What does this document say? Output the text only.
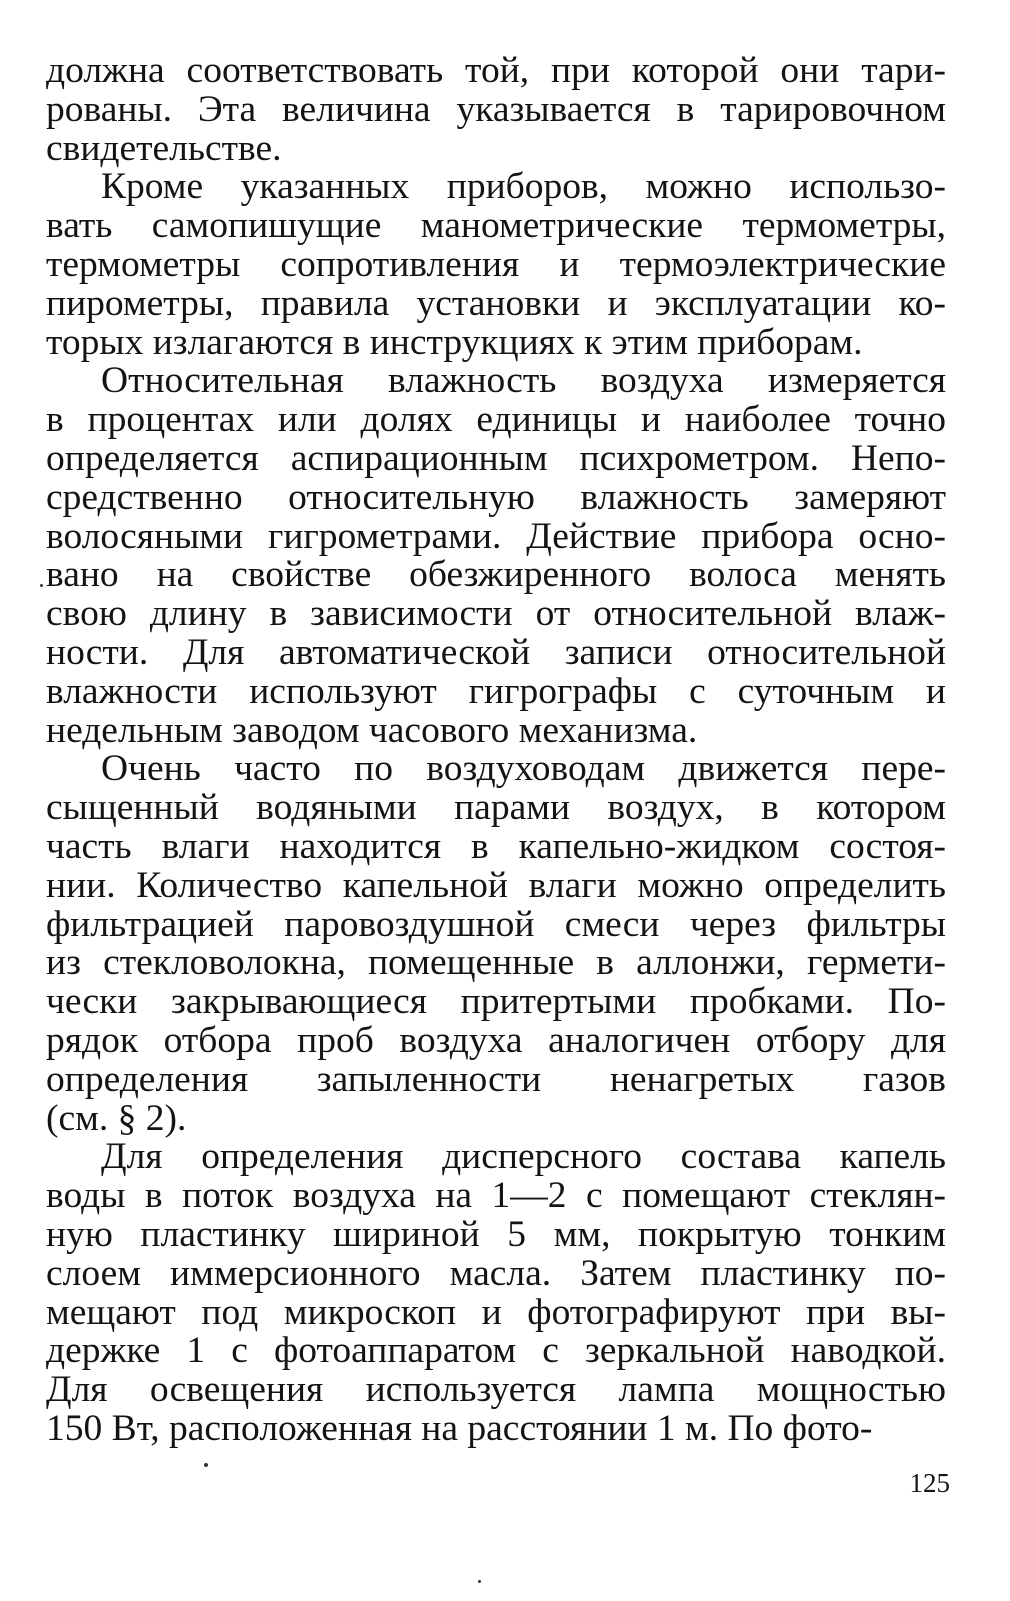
должна соответствовать той, при которой они тари-
рованы. Эта величина указывается в тарировочном
свидетельстве.
Кроме указанных приборов, можно использо-
вать самопишущие манометрические термометры,
термометры сопротивления и термоэлектрические
пирометры, правила установки и эксплуатации ко-
торых излагаются в инструкциях к этим приборам.
Относительная влажность воздуха измеряется
в процентах или долях единицы и наиболее точно
определяется аспирационным психрометром. Непо-
средственно относительную влажность замеряют
волосяными гигрометрами. Действие прибора осно-
вано на свойстве обезжиренного волоса менять
свою длину в зависимости от относительной влаж-
ности. Для автоматической записи относительной
влажности используют гигрографы с суточным и
недельным заводом часового механизма.
Очень часто по воздуховодам движется пере-
сыщенный водяными парами воздух, в котором
часть влаги находится в капельно-жидком состоя-
нии. Количество капельной влаги можно определить
фильтрацией паровоздушной смеси через фильтры
из стекловолокна, помещенные в аллонжи, гермети-
чески закрывающиеся притертыми пробками. По-
рядок отбора проб воздуха аналогичен отбору для
определения запыленности ненагретых газов
(см. § 2).
Для определения дисперсного состава капель
воды в поток воздуха на 1—2 с помещают стеклян-
ную пластинку шириной 5 мм, покрытую тонким
слоем иммерсионного масла. Затем пластинку по-
мещают под микроскоп и фотографируют при вы-
держке 1 с фотоаппаратом с зеркальной наводкой.
Для освещения используется лампа мощностью
150 Вт, расположенная на расстоянии 1 м. По фото-
125
